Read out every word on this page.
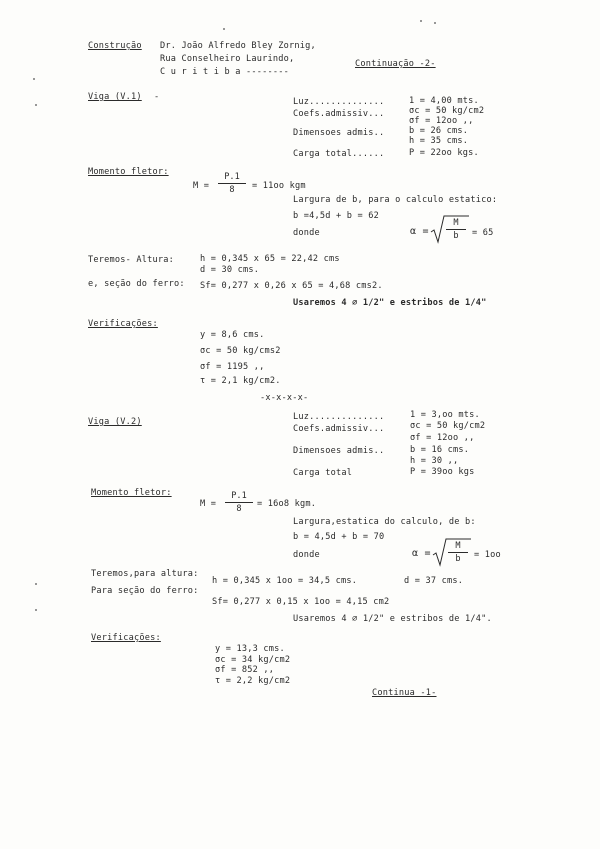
Construção Dr. João Alfredo Bley Zornig,
Rua Conselheiro Laurindo,
C u r i t i b a --------
Continuação -2-
Viga (V.1) -	Luz..............	1 = 4,00 mts.
Coefs.admissiv...	σc = 50 kg/cm2
σf = 12oo ,,
Dimensoes admis..	b = 26 cms.
h = 35 cms.
Carga total......	P = 22oo kgs.
Momento fletor:
$M = \frac{P.1}{8} = 11oo$ kgm
Largura de b, para o calculo estatico:
b =4,5d + b = 62
donde	$\alpha = \frac{M}{b} = 65$
Teremos- Altura:	h = 0,345 x 65 = 22,42 cms
d = 30 cms.
e, seção do ferro: Sf= 0,277 x 0,26 x 65 = 4,68 cms2.
Usaremos 4 ∅ 1/2" e estribos de 1/4"
Verificações:
y = 8,6 cms.
σc = 50 kg/cms2
σf = 1195 ,,
τ = 2,1 kg/cm2.
-x-x-x-x-
Viga (V.2)	Luz..............	1 = 3,oo mts.
Coefs.admissiv...	σc = 50 kg/cm2
σf = 12oo ,,
Dimensoes admis..	b = 16 cms.
h = 30 ,,
Carga total	P = 39oo kgs
Momento fletor:
$M = \frac{P.1}{8} = 16o8$ kgm.
Largura,estatica do calculo, de b:
b = 4,5d + b = 70
donde	$\alpha = \frac{M}{b} = 1oo$
Teremos,para altura:
h = 0,345 x 1oo = 34,5 cms.	d = 37 cms.
Para seção do ferro:
Sf= 0,277 x 0,15 x 1oo = 4,15 cm2
Usaremos 4 ∅ 1/2" e estribos de 1/4".
Verificações:
y = 13,3 cms.
σc = 34 kg/cm2
σf = 852 ,,
τ = 2,2 kg/cm2
Continua -1-
